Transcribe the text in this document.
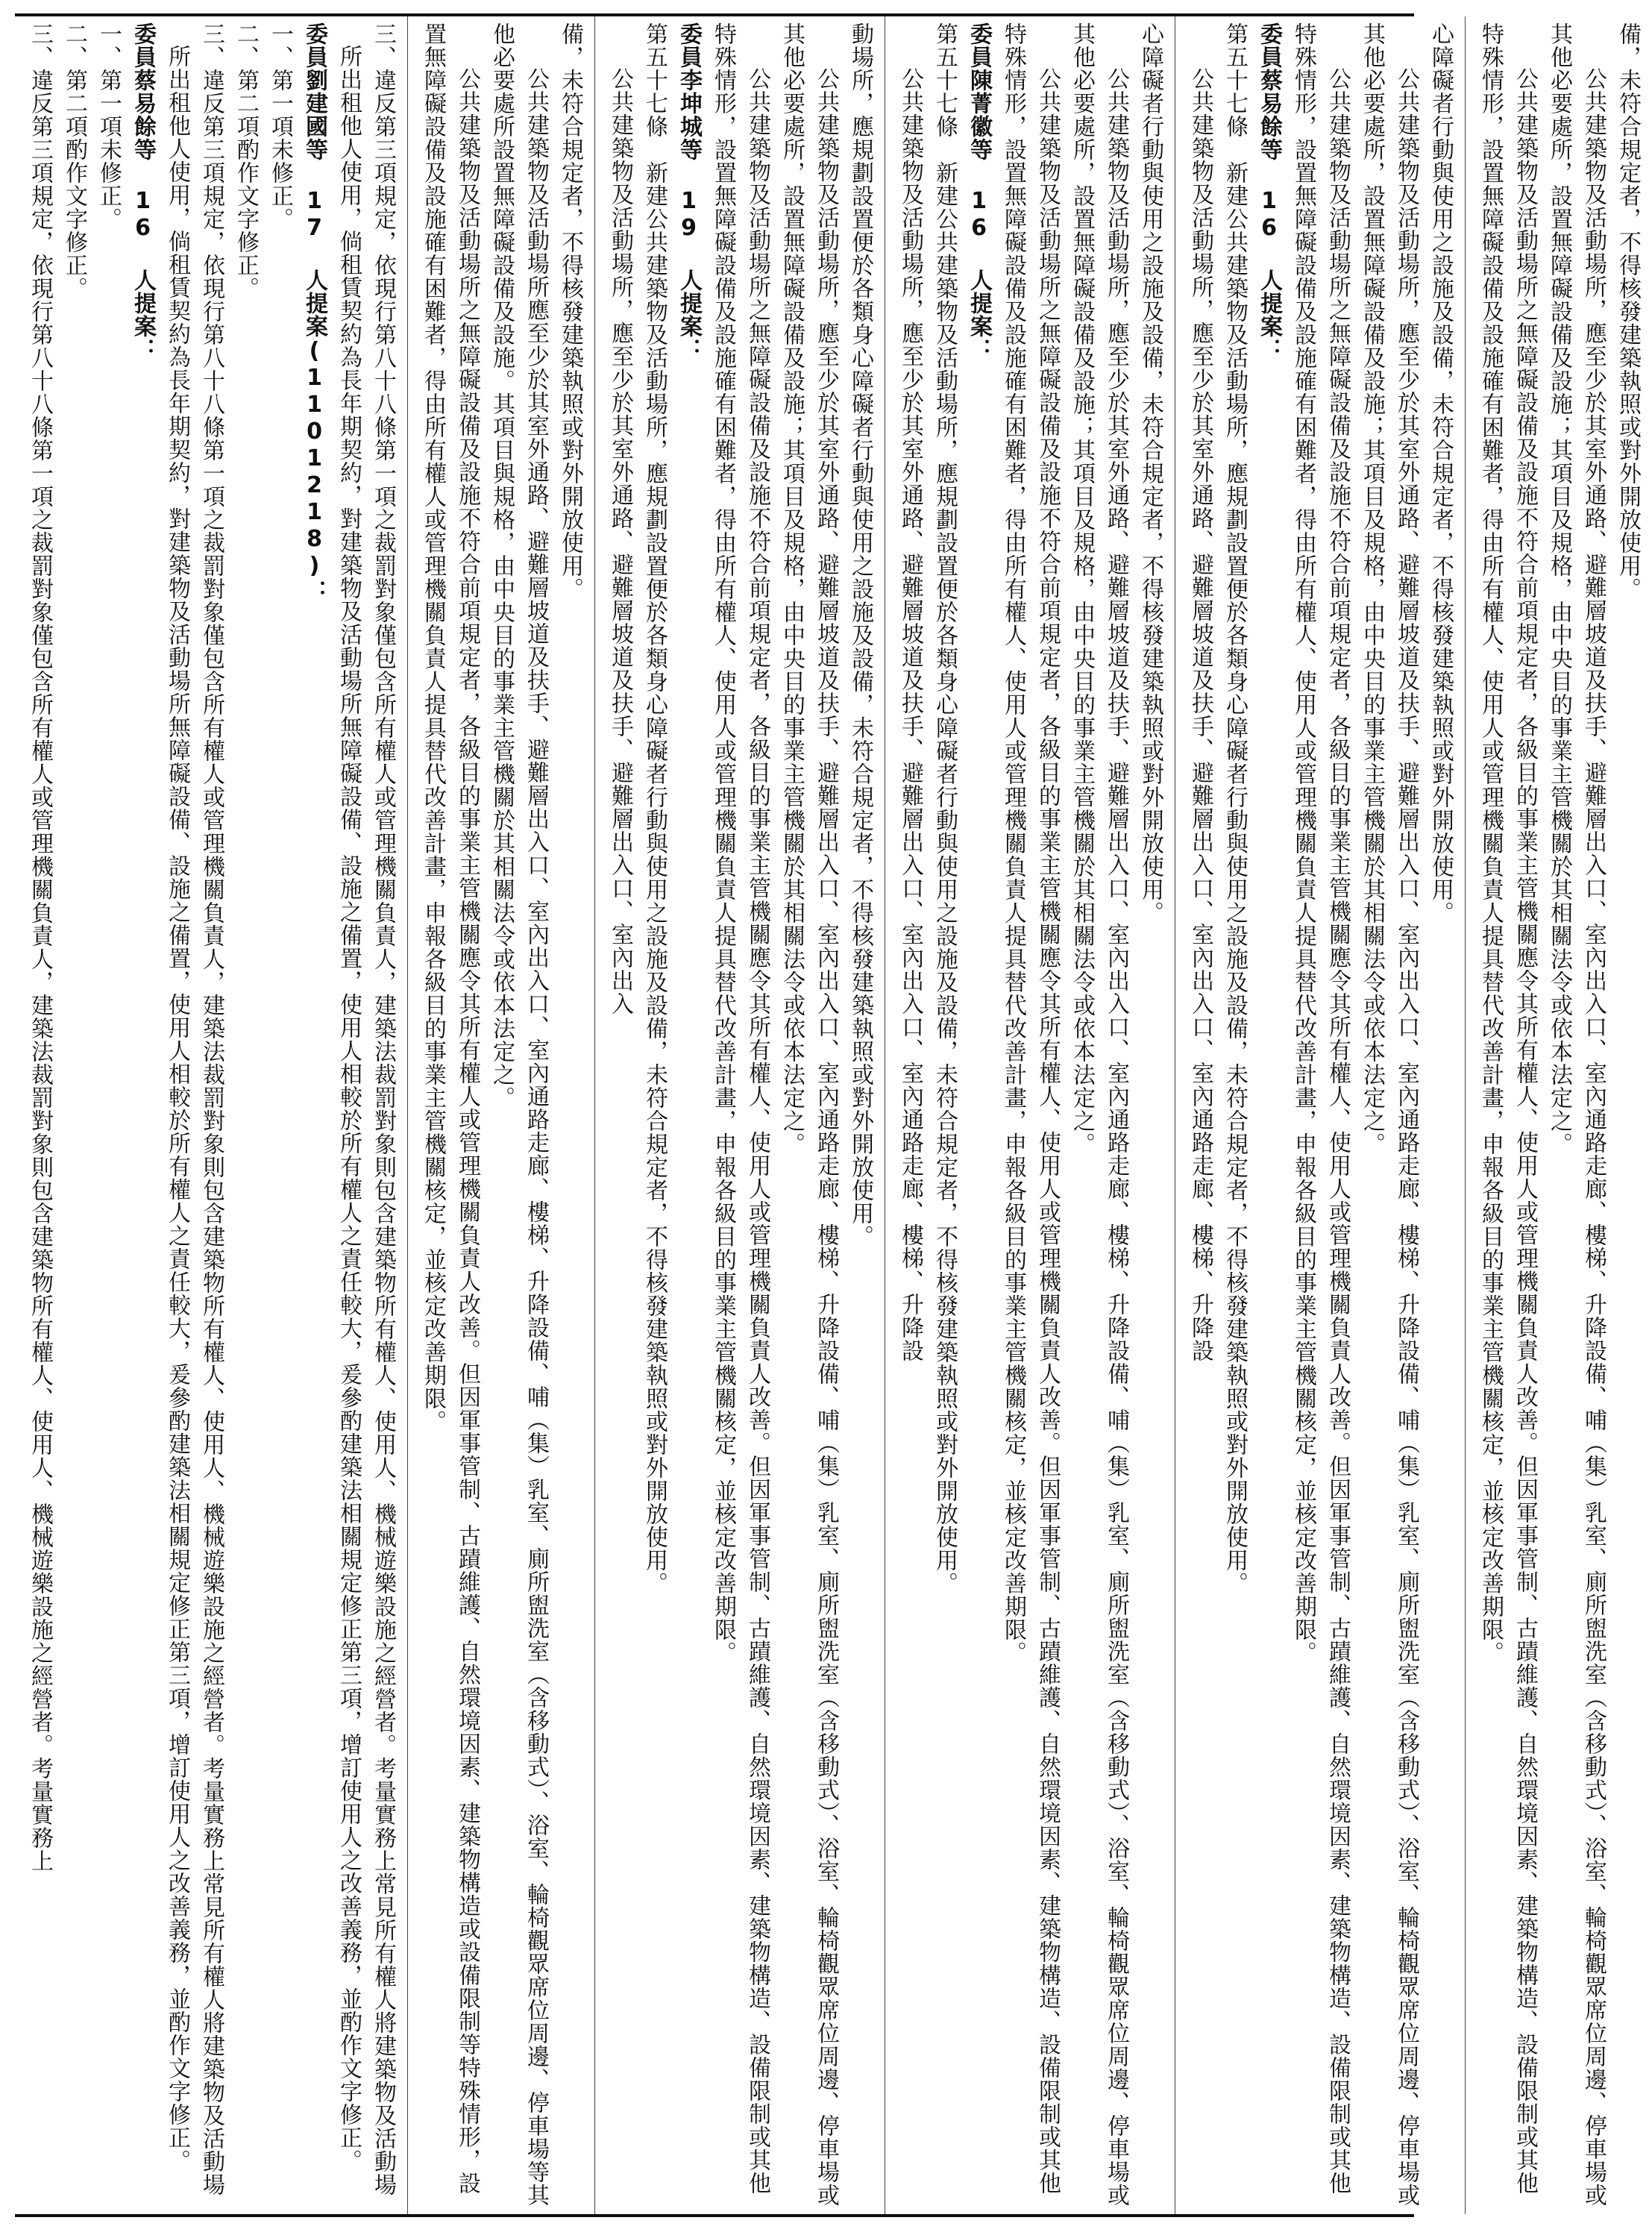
三、違反第三項規定，依現行第八十八條第一項之裁罰對象僅包含所有權人或管理機關負責人，建築法裁罰對象則包含建築物所有權人、使用人、機械遊樂設施之經營者。考量實務上常見所有權人將建築物及活動場所出租他人使用，倘租賃契約為長年期契約，對建築物及活動場所無障礙設備、設施之備置，使用人相較於所有權人之責任較大，爰參酌建築法相關規定修正第三項，增訂使用人之改善義務，並酌作文字修正。
委員劉建國等 17 人提案(1101218)：
一、第一項未修正。
二、第二項酌作文字修正。
三、違反第三項規定，依現行第八十八條第一項之裁罰對象僅包含所有權人或管理機關負責人，建築法裁罰對象則包含建築物所有權人、使用人、機械遊樂設施之經營者。考量實務上常見所有權人將建築物及活動場所出租他人使用，倘租賃契約為長年期契約，對建築物及活動場所無障礙設備、設施之備置，使用人相較於所有權人之責任較大，爰參酌建築法相關規定修正第三項，增訂使用人之改善義務，並酌作文字修正。
委員蔡易餘等 16 人提案：
一、第一項未修正。
二、第二項酌作文字修正。
三、違反第三項規定，依現行第八十八條第一項之裁罰對象僅包含所有權人或管理機關負責人，建築法裁罰對象則包含建築物所有權人、使用人、機械遊樂設施之經營者。考量實務上	備，未符合規定者，不得核發建築執照或對外開放使用。
公共建築物及活動場所應至少於其室外通路、避難層坡道及扶手、避難層出入口、室內出入口、室內通路走廊、樓梯、升降設備、哺（集）乳室、廁所盥洗室（含移動式）、浴室、輪椅觀眾席位周邊、停車場等其他必要處所設置無障礙設備及設施。其項目與規格，由中央目的事業主管機關於其相關法令或依本法定之。
公共建築物及活動場所之無障礙設備及設施不符合前項規定者，各級目的事業主管機關應令其所有權人或管理機關負責人改善。但因軍事管制、古蹟維護、自然環境因素、建築物構造或設備限制等特殊情形，設置無障礙設備及設施確有困難者，得由所有權人或管理機關負責人提具替代改善計畫，申報各級目的事業主管機關核定，並核定改善期限。	動場所，應規劃設置便於各類身心障礙者行動與使用之設施及設備，未符合規定者，不得核發建築執照或對外開放使用。
公共建築物及活動場所，應至少於其室外通路、避難層坡道及扶手、避難層出入口、室內出入口、室內通路走廊、樓梯、升降設備、哺（集）乳室、廁所盥洗室（含移動式）、浴室、輪椅觀眾席位周邊、停車場或其他必要處所，設置無障礙設備及設施；其項目及規格，由中央目的事業主管機關於其相關法令或依本法定之。
公共建築物及活動場所之無障礙設備及設施不符合前項規定者，各級目的事業主管機關應令其所有權人、使用人或管理機關負責人改善。但因軍事管制、古蹟維護、自然環境因素、建築物構造、設備限制或其他特殊情形，設置無障礙設備及設施確有困難者，得由所有權人、使用人或管理機關負責人提具替代改善計畫，申報各級目的事業主管機關核定，並核定改善期限。
委員李坤城等 19 人提案：
第五十七條　新建公共建築物及活動場所，應規劃設置便於各類身心障礙者行動與使用之設施及設備，未符合規定者，不得核發建築執照或對外開放使用。
公共建築物及活動場所，應至少於其室外通路、避難層坡道及扶手、避難層出入口、室內出入	心障礙者行動與使用之設施及設備，未符合規定者，不得核發建築執照或對外開放使用。
公共建築物及活動場所，應至少於其室外通路、避難層坡道及扶手、避難層出入口、室內出入口、室內通路走廊、樓梯、升降設備、哺（集）乳室、廁所盥洗室（含移動式）、浴室、輪椅觀眾席位周邊、停車場或其他必要處所，設置無障礙設備及設施；其項目及規格，由中央目的事業主管機關於其相關法令或依本法定之。
公共建築物及活動場所之無障礙設備及設施不符合前項規定者，各級目的事業主管機關應令其所有權人、使用人或管理機關負責人改善。但因軍事管制、古蹟維護、自然環境因素、建築物構造、設備限制或其他特殊情形，設置無障礙設備及設施確有困難者，得由所有權人、使用人或管理機關負責人提具替代改善計畫，申報各級目的事業主管機關核定，並核定改善期限。
委員陳菁徽等 16 人提案：
第五十七條　新建公共建築物及活動場所，應規劃設置便於各類身心障礙者行動與使用之設施及設備，未符合規定者，不得核發建築執照或對外開放使用。
公共建築物及活動場所，應至少於其室外通路、避難層坡道及扶手、避難層出入口、室內出入口、室內通路走廊、樓梯、升降設	心障礙者行動與使用之設施及設備，未符合規定者，不得核發建築執照或對外開放使用。
公共建築物及活動場所，應至少於其室外通路、避難層坡道及扶手、避難層出入口、室內出入口、室內通路走廊、樓梯、升降設備、哺（集）乳室、廁所盥洗室（含移動式）、浴室、輪椅觀眾席位周邊、停車場或其他必要處所，設置無障礙設備及設施；其項目及規格，由中央目的事業主管機關於其相關法令或依本法定之。
公共建築物及活動場所之無障礙設備及設施不符合前項規定者，各級目的事業主管機關應令其所有權人、使用人或管理機關負責人改善。但因軍事管制、古蹟維護、自然環境因素、建築物構造、設備限制或其他特殊情形，設置無障礙設備及設施確有困難者，得由所有權人、使用人或管理機關負責人提具替代改善計畫，申報各級目的事業主管機關核定，並核定改善期限。
委員蔡易餘等 16 人提案：
第五十七條　新建公共建築物及活動場所，應規劃設置便於各類身心障礙者行動與使用之設施及設備，未符合規定者，不得核發建築執照或對外開放使用。
公共建築物及活動場所，應至少於其室外通路、避難層坡道及扶手、避難層出入口、室內出入口、室內通路走廊、樓梯、升降設	備，未符合規定者，不得核發建築執照或對外開放使用。
公共建築物及活動場所，應至少於其室外通路、避難層坡道及扶手、避難層出入口、室內出入口、室內通路走廊、樓梯、升降設備、哺（集）乳室、廁所盥洗室（含移動式）、浴室、輪椅觀眾席位周邊、停車場或其他必要處所，設置無障礙設備及設施；其項目及規格，由中央目的事業主管機關於其相關法令或依本法定之。
公共建築物及活動場所之無障礙設備及設施不符合前項規定者，各級目的事業主管機關應令其所有權人、使用人或管理機關負責人改善。但因軍事管制、古蹟維護、自然環境因素、建築物構造、設備限制或其他特殊情形，設置無障礙設備及設施確有困難者，得由所有權人、使用人或管理機關負責人提具替代改善計畫，申報各級目的事業主管機關核定，並核定改善期限。
